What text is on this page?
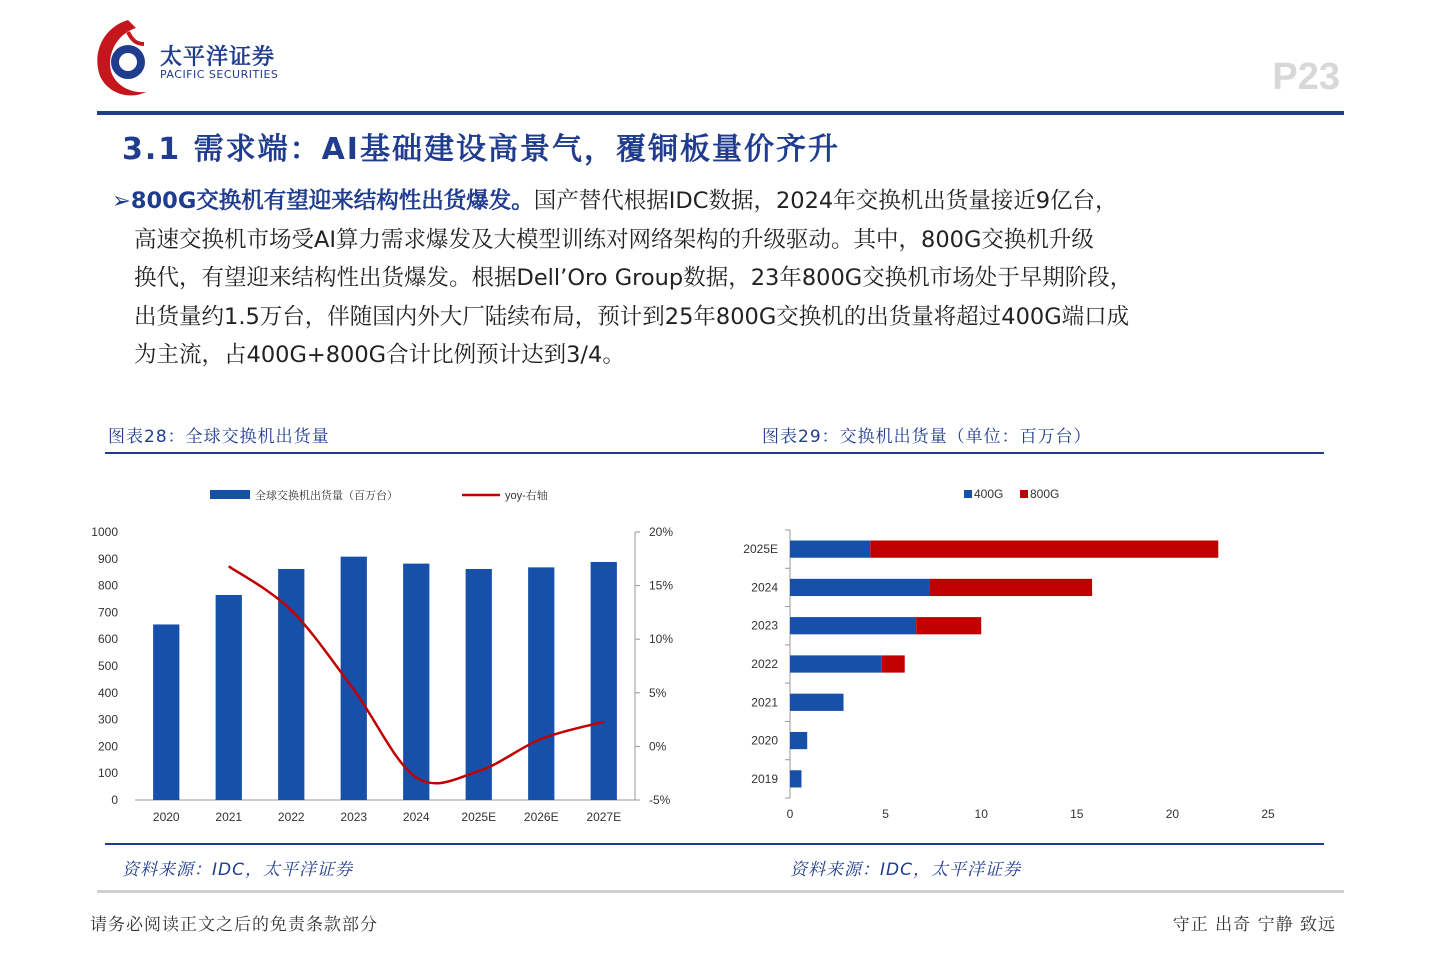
太平洋证券
PACIFIC SECURITIES	P23
3.1 需求端：AI基础建设高景气，覆铜板量价齐升
➢800G交换机有望迎来结构性出货爆发。国产替代根据IDC数据，2024年交换机出货量接近9亿台，
高速交换机市场受AI算力需求爆发及大模型训练对网络架构的升级驱动。其中，800G交换机升级
换代，有望迎来结构性出货爆发。根据Dell’Oro Group数据，23年800G交换机市场处于早期阶段，
出货量约1.5万台，伴随国内外大厂陆续布局，预计到25年800G交换机的出货量将超过400G端口成
为主流，占400G+800G合计比例预计达到3/4。
图表28：全球交换机出货量	图表29：交换机出货量（单位：百万台）
全球交换机出货量（百万台）	yoy-右轴
0
100
200
300
400
500
600
700
800
900
1000
-5%
0%
5%
10%
15%
20%
2020	2021	2022	2023	2024	2025E 2026E 2027E
400G 800G
0	5	10	15	20	25
2025E
2024
2023
2022
2021
2020
2019
资料来源：IDC，太平洋证券	资料来源：IDC，太平洋证券
请务必阅读正文之后的免责条款部分	守正 出奇 宁静 致远
